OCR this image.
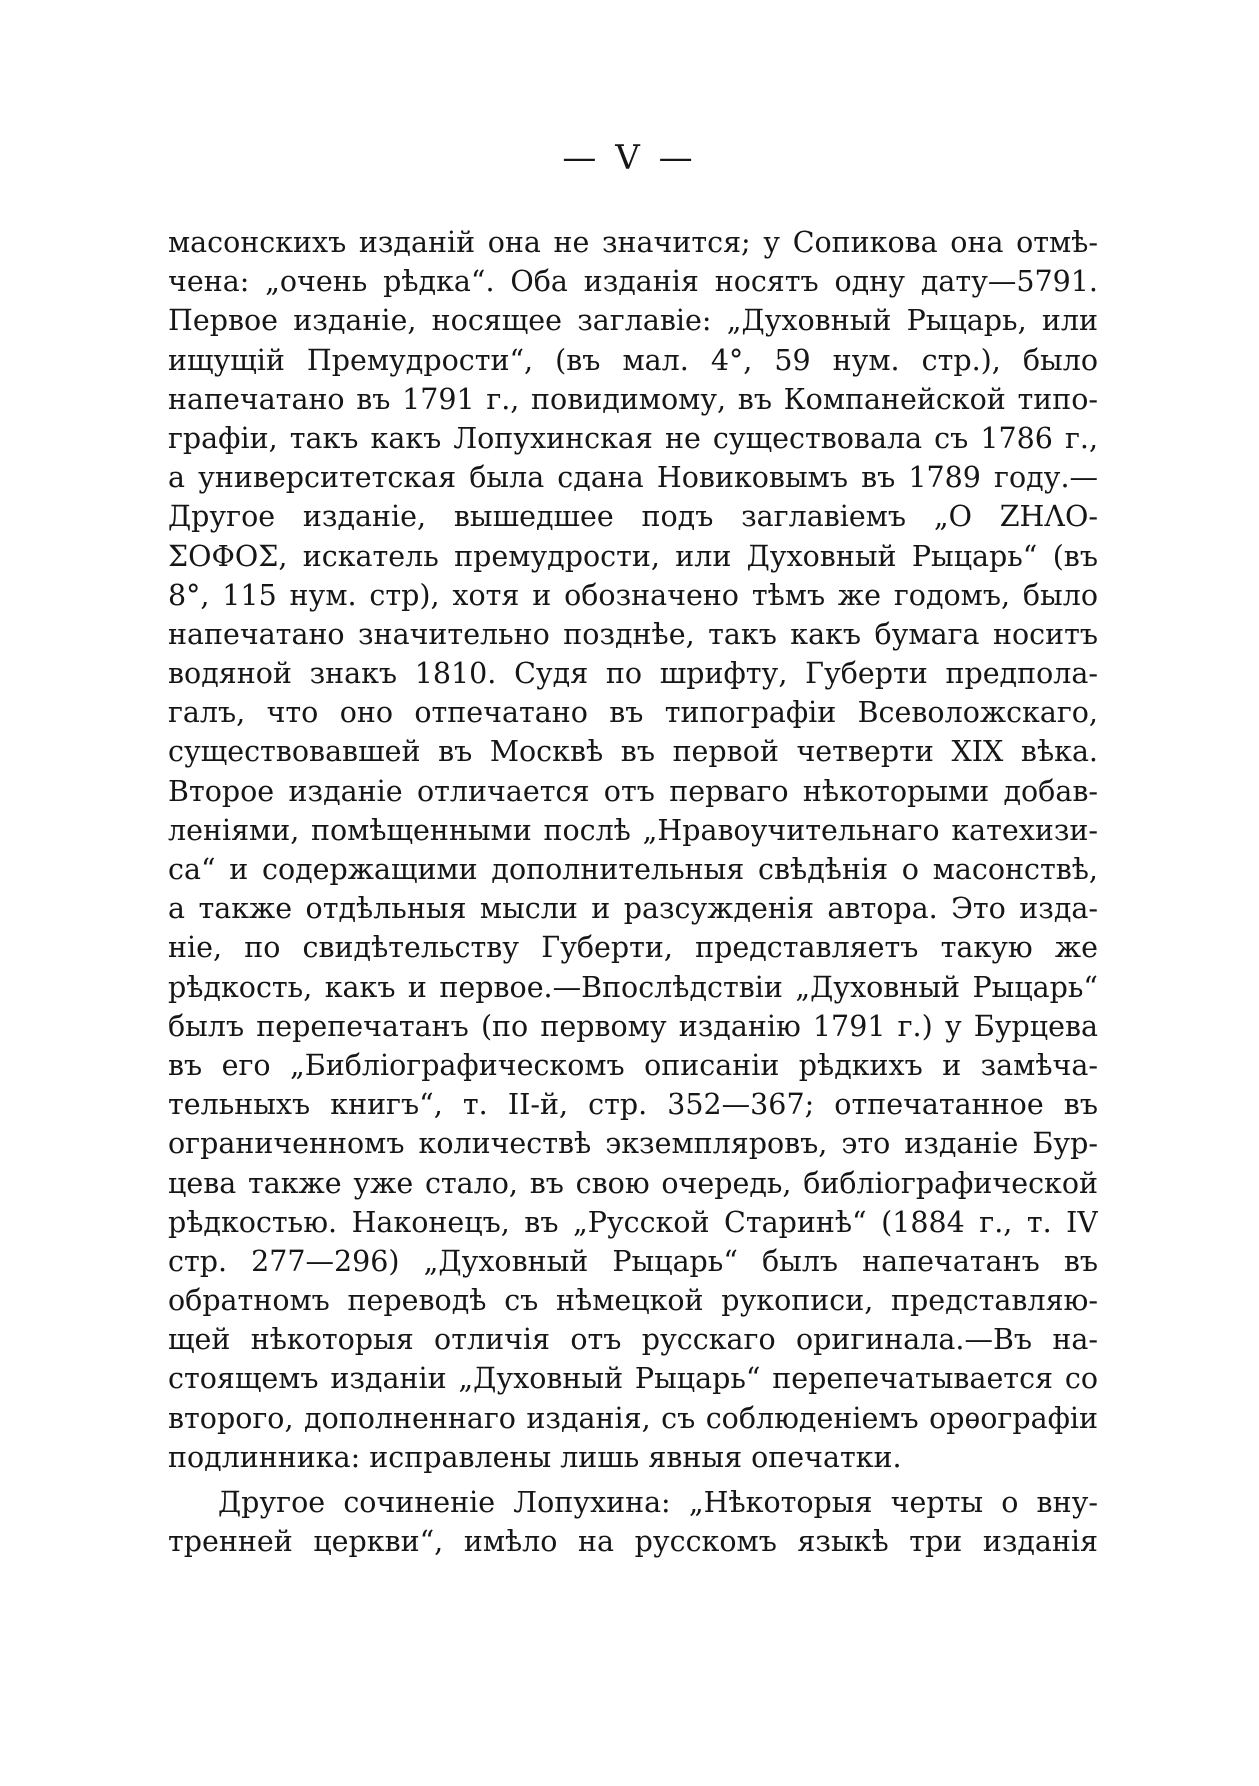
— V —
масонскихъ изданій она не значится; у Сопикова она отмѣ-
чена: „очень рѣдка“. Оба изданія носятъ одну дату—5791.
Первое изданіе, носящее заглавіе: „Духовный Рыцарь, или
ищущій Премудрости“, (въ мал. 4°, 59 нум. стр.), было
напечатано въ 1791 г., повидимому, въ Компанейской типо-
графіи, такъ какъ Лопухинская не существовала съ 1786 г.,
а университетская была сдана Новиковымъ въ 1789 году.—
Другое изданіе, вышедшее подъ заглавіемъ „Ο ΖΗΛΟ-
ΣΟΦΟΣ, искатель премудрости, или Духовный Рыцарь“ (въ
8°, 115 нум. стр), хотя и обозначено тѣмъ же годомъ, было
напечатано значительно позднѣе, такъ какъ бумага носитъ
водяной знакъ 1810. Судя по шрифту, Губерти предпола-
галъ, что оно отпечатано въ типографіи Всеволожскаго,
существовавшей въ Москвѣ въ первой четверти XIX вѣка.
Второе изданіе отличается отъ перваго нѣкоторыми добав-
леніями, помѣщенными послѣ „Нравоучительнаго катехизи-
са“ и содержащими дополнительныя свѣдѣнія о масонствѣ,
а также отдѣльныя мысли и разсужденія автора. Это изда-
ніе, по свидѣтельству Губерти, представляетъ такую же
рѣдкость, какъ и первое.—Впослѣдствіи „Духовный Рыцарь“
былъ перепечатанъ (по первому изданію 1791 г.) у Бурцева
въ его „Библіографическомъ описаніи рѣдкихъ и замѣча-
тельныхъ книгъ“, т. II-й, стр. 352—367; отпечатанное въ
ограниченномъ количествѣ экземпляровъ, это изданіе Бур-
цева также уже стало, въ свою очередь, библіографической
рѣдкостью. Наконецъ, въ „Русской Старинѣ“ (1884 г., т. IV
стр. 277—296) „Духовный Рыцарь“ былъ напечатанъ въ
обратномъ переводѣ съ нѣмецкой рукописи, представляю-
щей нѣкоторыя отличія отъ русскаго оригинала.—Въ на-
стоящемъ изданіи „Духовный Рыцарь“ перепечатывается со
второго, дополненнаго изданія, съ соблюденіемъ орѳографіи
подлинника: исправлены лишь явныя опечатки.
Другое сочиненіе Лопухина: „Нѣкоторыя черты о вну-
тренней церкви“, имѣло на русскомъ языкѣ три изданія
